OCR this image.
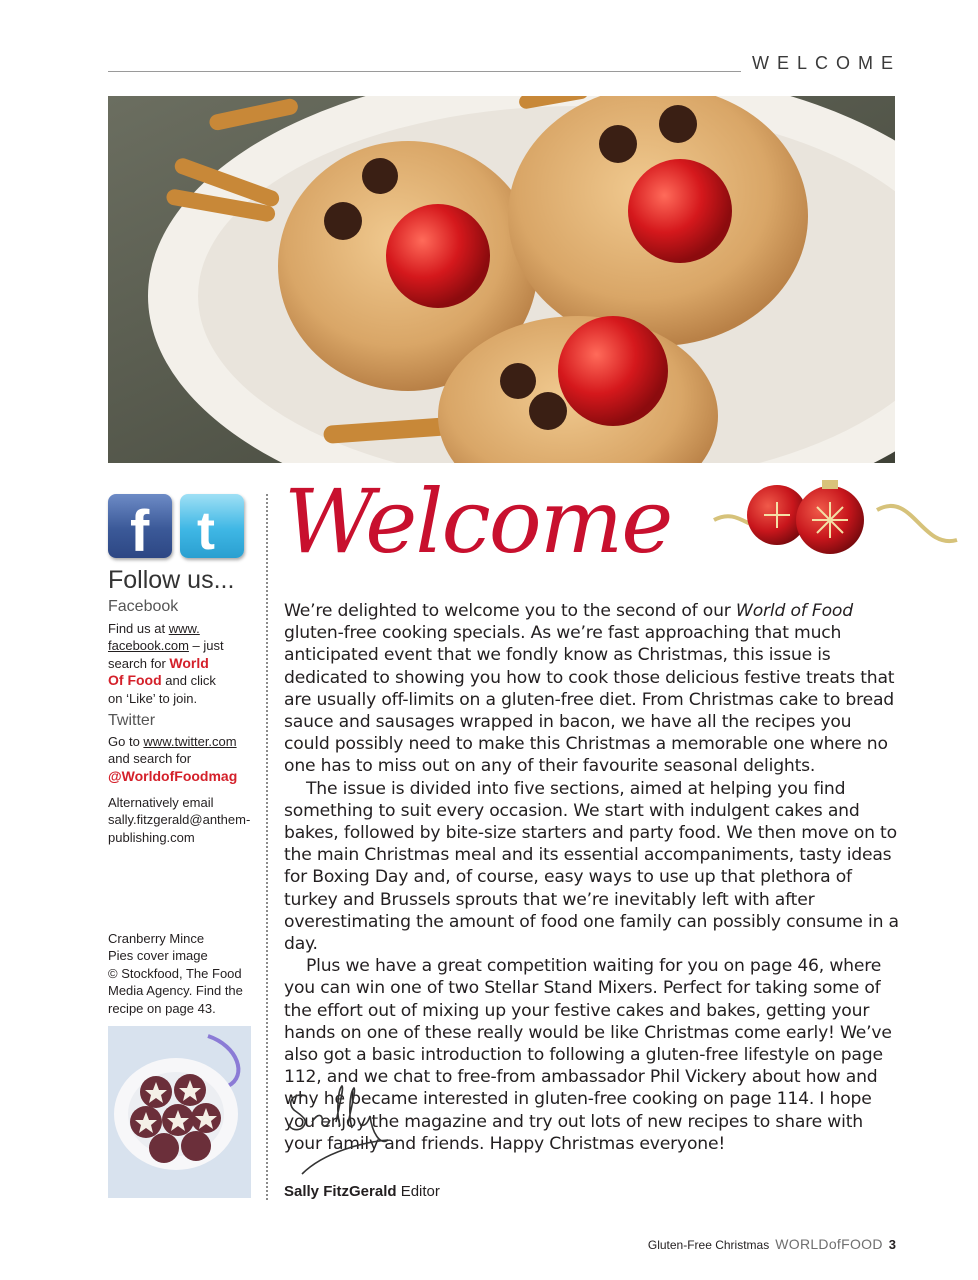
WELCOME
f t
Follow us...
Facebook
Find us at www.
facebook.com – just
search for World
Of Food and click
on ‘Like’ to join.
Twitter
Go to www.twitter.com
and search for
@WorldofFoodmag
Alternatively email
sally.fitzgerald@anthem-
publishing.com
Cranberry Mince
Pies cover image
© Stockfood, The Food
Media Agency. Find the
recipe on page 43.
Welcome

We’re delighted to welcome you to the second of our World of Food gluten-free cooking specials. As we’re fast approaching that much anticipated event that we fondly know as Christmas, this issue is dedicated to showing you how to cook those delicious festive treats that are usually off-limits on a gluten-free diet. From Christmas cake to bread sauce and sausages wrapped in bacon, we have all the recipes you could possibly need to make this Christmas a memorable one where no one has to miss out on any of their favourite seasonal delights.

The issue is divided into five sections, aimed at helping you find something to suit every occasion. We start with indulgent cakes and bakes, followed by bite-size starters and party food. We then move on to the main Christmas meal and its essential accompaniments, tasty ideas for Boxing Day and, of course, easy ways to use up that plethora of turkey and Brussels sprouts that we’re inevitably left with after overestimating the amount of food one family can possibly consume in a day.

Plus we have a great competition waiting for you on page 46, where you can win one of two Stellar Stand Mixers. Perfect for taking some of the effort out of mixing up your festive cakes and bakes, getting your hands on one of these really would be like Christmas come early! We’ve also got a basic introduction to following a gluten-free lifestyle on page 112, and we chat to free-from ambassador Phil Vickery about how and why he became interested in gluten-free cooking on page 114. I hope you enjoy the magazine and try out lots of new recipes to share with your family and friends. Happy Christmas everyone!

Sally FitzGerald Editor
Gluten-Free Christmas WORLDofFOOD 3
